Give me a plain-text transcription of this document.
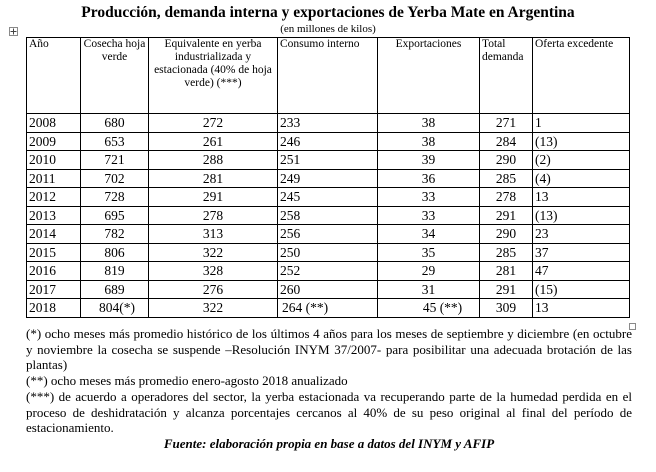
Producción, demanda interna y exportaciones de Yerba Mate en Argentina
(en millones de kilos)
Año	Cosecha hoja verde	Equivalente en yerba industrializada y estacionada (40% de hoja verde) (***)	Consumo interno	Exportaciones	Total demanda	Oferta excedente
2008	680	272	233	38	271	1
2009	653	261	246	38	284	(13)
2010	721	288	251	39	290	(2)
2011	702	281	249	36	285	(4)
2012	728	291	245	33	278	13
2013	695	278	258	33	291	(13)
2014	782	313	256	34	290	23
2015	806	322	250	35	285	37
2016	819	328	252	29	281	47
2017	689	276	260	31	291	(15)
2018	804(*)	322	264 (**)	45 (**)	309	13

(*) ocho meses más promedio histórico de los últimos 4 años para los meses de septiembre y diciembre (en octubre y noviembre la cosecha se suspende –Resolución INYM 37/2007- para posibilitar una adecuada brotación de las plantas)

(**) ocho meses más promedio enero-agosto 2018 anualizado

(***) de acuerdo a operadores del sector, la yerba estacionada va recuperando parte de la humedad perdida en el proceso de deshidratación y alcanza porcentajes cercanos al 40% de su peso original al final del período de estacionamiento.

Fuente: elaboración propia en base a datos del INYM y AFIP
